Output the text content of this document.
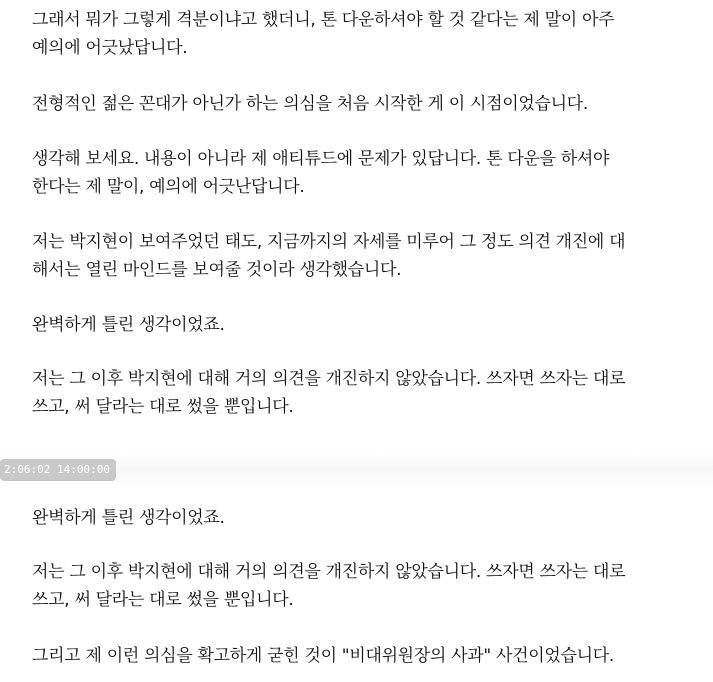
그래서 뭐가 그렇게 격분이냐고 했더니, 톤 다운하셔야 할 것 같다는 제 말이 아주
예의에 어긋났답니다.

전형적인 젊은 꼰대가 아닌가 하는 의심을 처음 시작한 게 이 시점이었습니다.

생각해 보세요. 내용이 아니라 제 애티튜드에 문제가 있답니다. 톤 다운을 하셔야
한다는 제 말이, 예의에 어긋난답니다.

저는 박지현이 보여주었던 태도, 지금까지의 자세를 미루어 그 정도 의견 개진에 대
해서는 열린 마인드를 보여줄 것이라 생각했습니다.

완벽하게 틀린 생각이었죠.

저는 그 이후 박지현에 대해 거의 의견을 개진하지 않았습니다. 쓰자면 쓰자는 대로
쓰고, 써 달라는 대로 썼을 뿐입니다.

2:06:02 14:00:00

완벽하게 틀린 생각이었죠.

저는 그 이후 박지현에 대해 거의 의견을 개진하지 않았습니다. 쓰자면 쓰자는 대로
쓰고, 써 달라는 대로 썼을 뿐입니다.

그리고 제 이런 의심을 확고하게 굳힌 것이 "비대위원장의 사과" 사건이었습니다.
